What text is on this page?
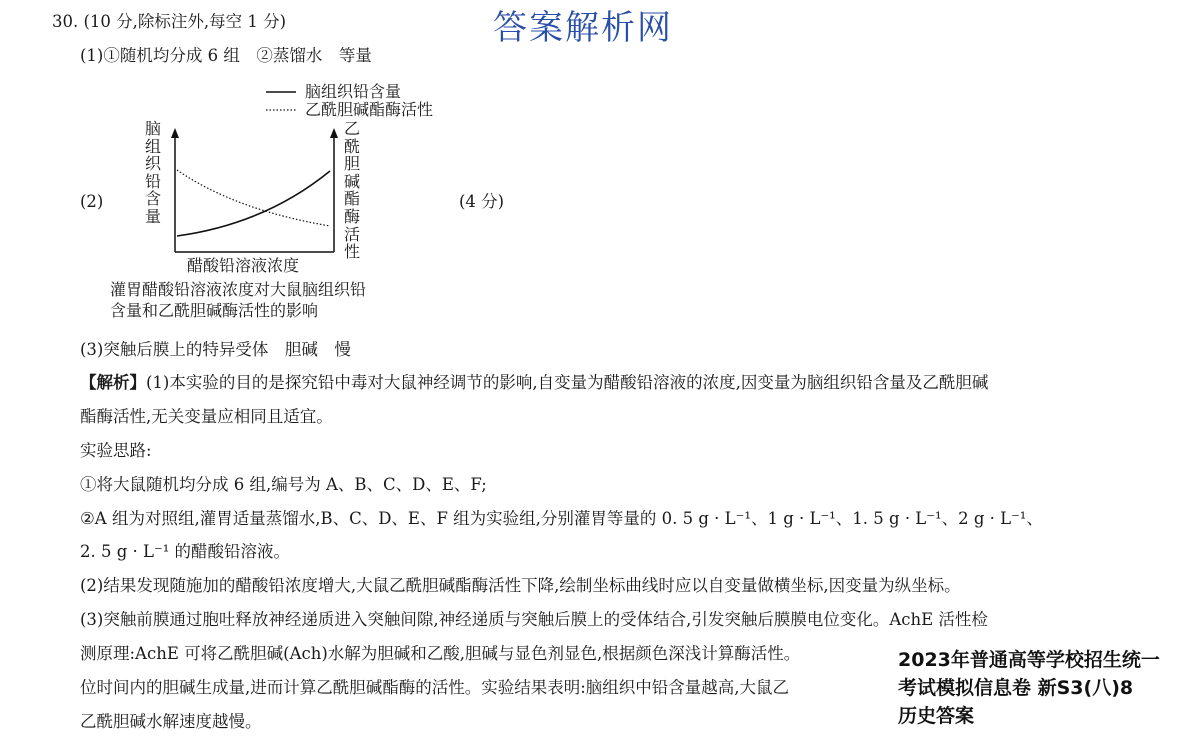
答案解析网
30. (10 分,除标注外,每空 1 分)
(1)①随机均分成 6 组　②蒸馏水　等量
脑组织铅含量
乙酰胆碱酯酶活性
脑
组
织
铅
含
量
乙
酰
胆
碱
酯
酶
活
性
(2)	(4 分)
醋酸铅溶液浓度
灌胃醋酸铅溶液浓度对大鼠脑组织铅
含量和乙酰胆碱酶活性的影响
(3)突触后膜上的特异受体　胆碱　慢
【解析】(1)本实验的目的是探究铅中毒对大鼠神经调节的影响,自变量为醋酸铅溶液的浓度,因变量为脑组织铅含量及乙酰胆碱
酯酶活性,无关变量应相同且适宜。
实验思路:
①将大鼠随机均分成 6 组,编号为 A、B、C、D、E、F;
②A 组为对照组,灌胃适量蒸馏水,B、C、D、E、F 组为实验组,分别灌胃等量的 0. 5 g · L⁻¹、1 g · L⁻¹、1. 5 g · L⁻¹、2 g · L⁻¹、
2. 5 g · L⁻¹ 的醋酸铅溶液。
(2)结果发现随施加的醋酸铅浓度增大,大鼠乙酰胆碱酯酶活性下降,绘制坐标曲线时应以自变量做横坐标,因变量为纵坐标。
(3)突触前膜通过胞吐释放神经递质进入突触间隙,神经递质与突触后膜上的受体结合,引发突触后膜膜电位变化。AchE 活性检
测原理:AchE 可将乙酰胆碱(Ach)水解为胆碱和乙酸,胆碱与显色剂显色,根据颜色深浅计算酶活性。
位时间内的胆碱生成量,进而计算乙酰胆碱酯酶的活性。实验结果表明:脑组织中铅含量越高,大鼠乙
乙酰胆碱水解速度越慢。
2023年普通高等学校招生统一
考试模拟信息卷 新S3(八)8
历史答案
